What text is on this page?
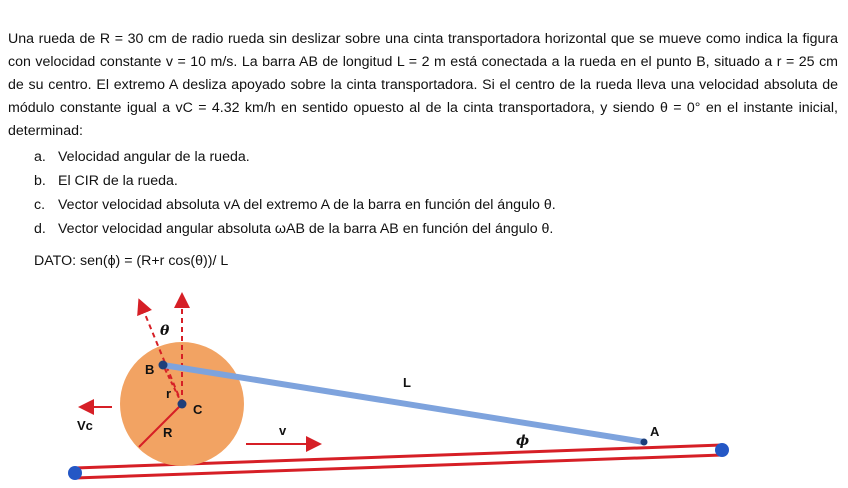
Una rueda de R = 30 cm de radio rueda sin deslizar sobre una cinta transportadora horizontal que se mueve como indica la figura con velocidad constante v = 10 m/s. La barra AB de longitud L = 2 m está conectada a la rueda en el punto B, situado a r = 25 cm de su centro. El extremo A desliza apoyado sobre la cinta transportadora. Si el centro de la rueda lleva una velocidad absoluta de módulo constante igual a vC = 4.32 km/h en sentido opuesto al de la cinta transportadora, y siendo θ = 0° en el instante inicial, determinad:
a. Velocidad angular de la rueda.
b. El CIR de la rueda.
c. Vector velocidad absoluta vA del extremo A de la barra en función del ángulo θ.
d. Vector velocidad angular absoluta ωAB de la barra AB en función del ángulo θ.
DATO: sen(ϕ) = (R+r cos(θ))/ L
θ
B
r
C
R
Vc
L
v
ϕ
A
